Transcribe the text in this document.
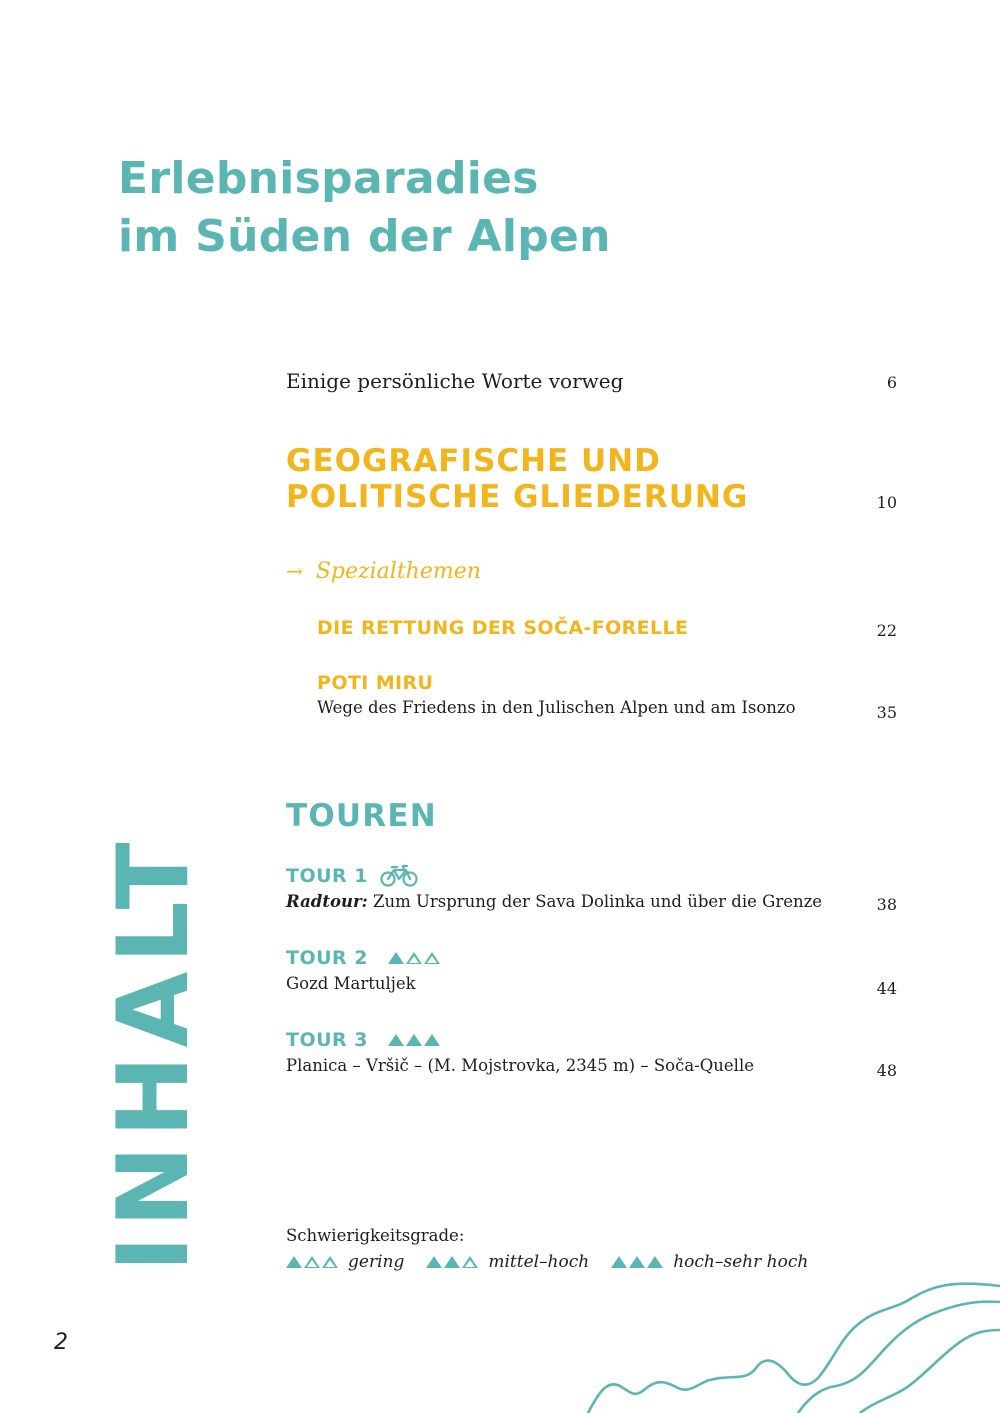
Erlebnisparadies
im Süden der Alpen
Einige persönliche Worte vorweg	6
GEOGRAFISCHE UND
POLITISCHE GLIEDERUNG	10
→ Spezialthemen
DIE RETTUNG DER SOČA-FORELLE	22
POTI MIRU
Wege des Friedens in den Julischen Alpen und am Isonzo	35
TOUREN
TOUR 1
Radtour: Zum Ursprung der Sava Dolinka und über die Grenze	38
TOUR 2
Gozd Martuljek	44
TOUR 3
Planica – Vršič – (M. Mojstrovka, 2345 m) – Soča-Quelle	48
Schwierigkeitsgrade:
gering	mittel–hoch	hoch–sehr hoch
INHALT
2
